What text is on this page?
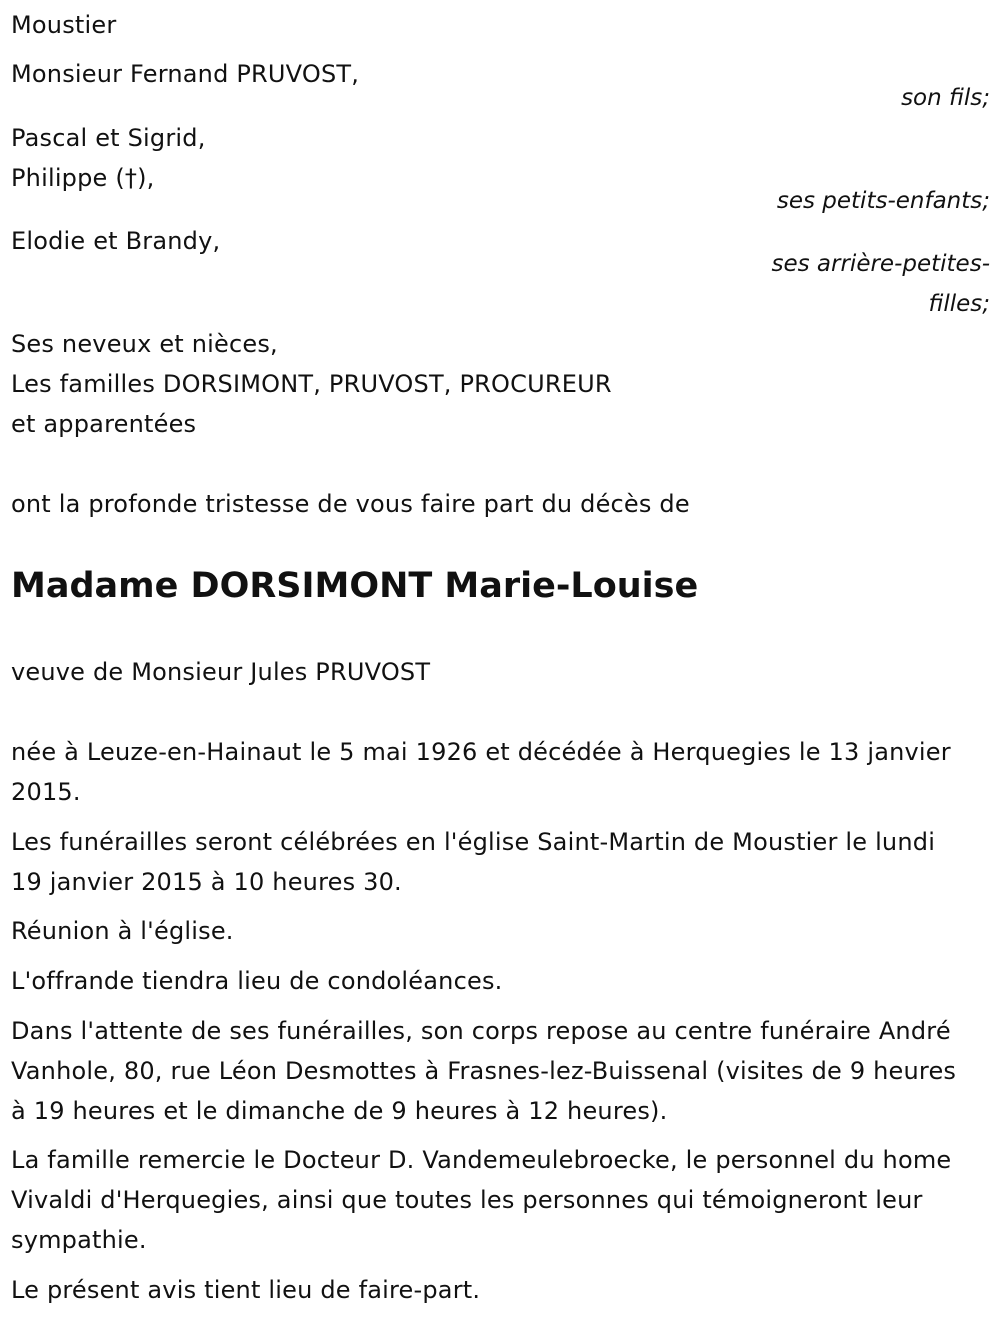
Moustier
Monsieur Fernand PRUVOST,
son fils;
Pascal et Sigrid,
Philippe (†),
ses petits-enfants;
Elodie et Brandy,
ses arrière-petites-
filles;
Ses neveux et nièces,
Les familles DORSIMONT, PRUVOST, PROCUREUR
et apparentées
ont la profonde tristesse de vous faire part du décès de
Madame DORSIMONT Marie-Louise
veuve de Monsieur Jules PRUVOST
née à Leuze-en-Hainaut le 5 mai 1926 et décédée à Herquegies le 13 janvier 2015.
Les funérailles seront célébrées en l'église Saint-Martin de Moustier le lundi 19 janvier 2015 à 10 heures 30.
Réunion à l'église.
L'offrande tiendra lieu de condoléances.
Dans l'attente de ses funérailles, son corps repose au centre funéraire André Vanhole, 80, rue Léon Desmottes à Frasnes-lez-Buissenal (visites de 9 heures à 19 heures et le dimanche de 9 heures à 12 heures).
La famille remercie le Docteur D. Vandemeulebroecke, le personnel du home Vivaldi d'Herquegies, ainsi que toutes les personnes qui témoigneront leur sympathie.
Le présent avis tient lieu de faire-part.
